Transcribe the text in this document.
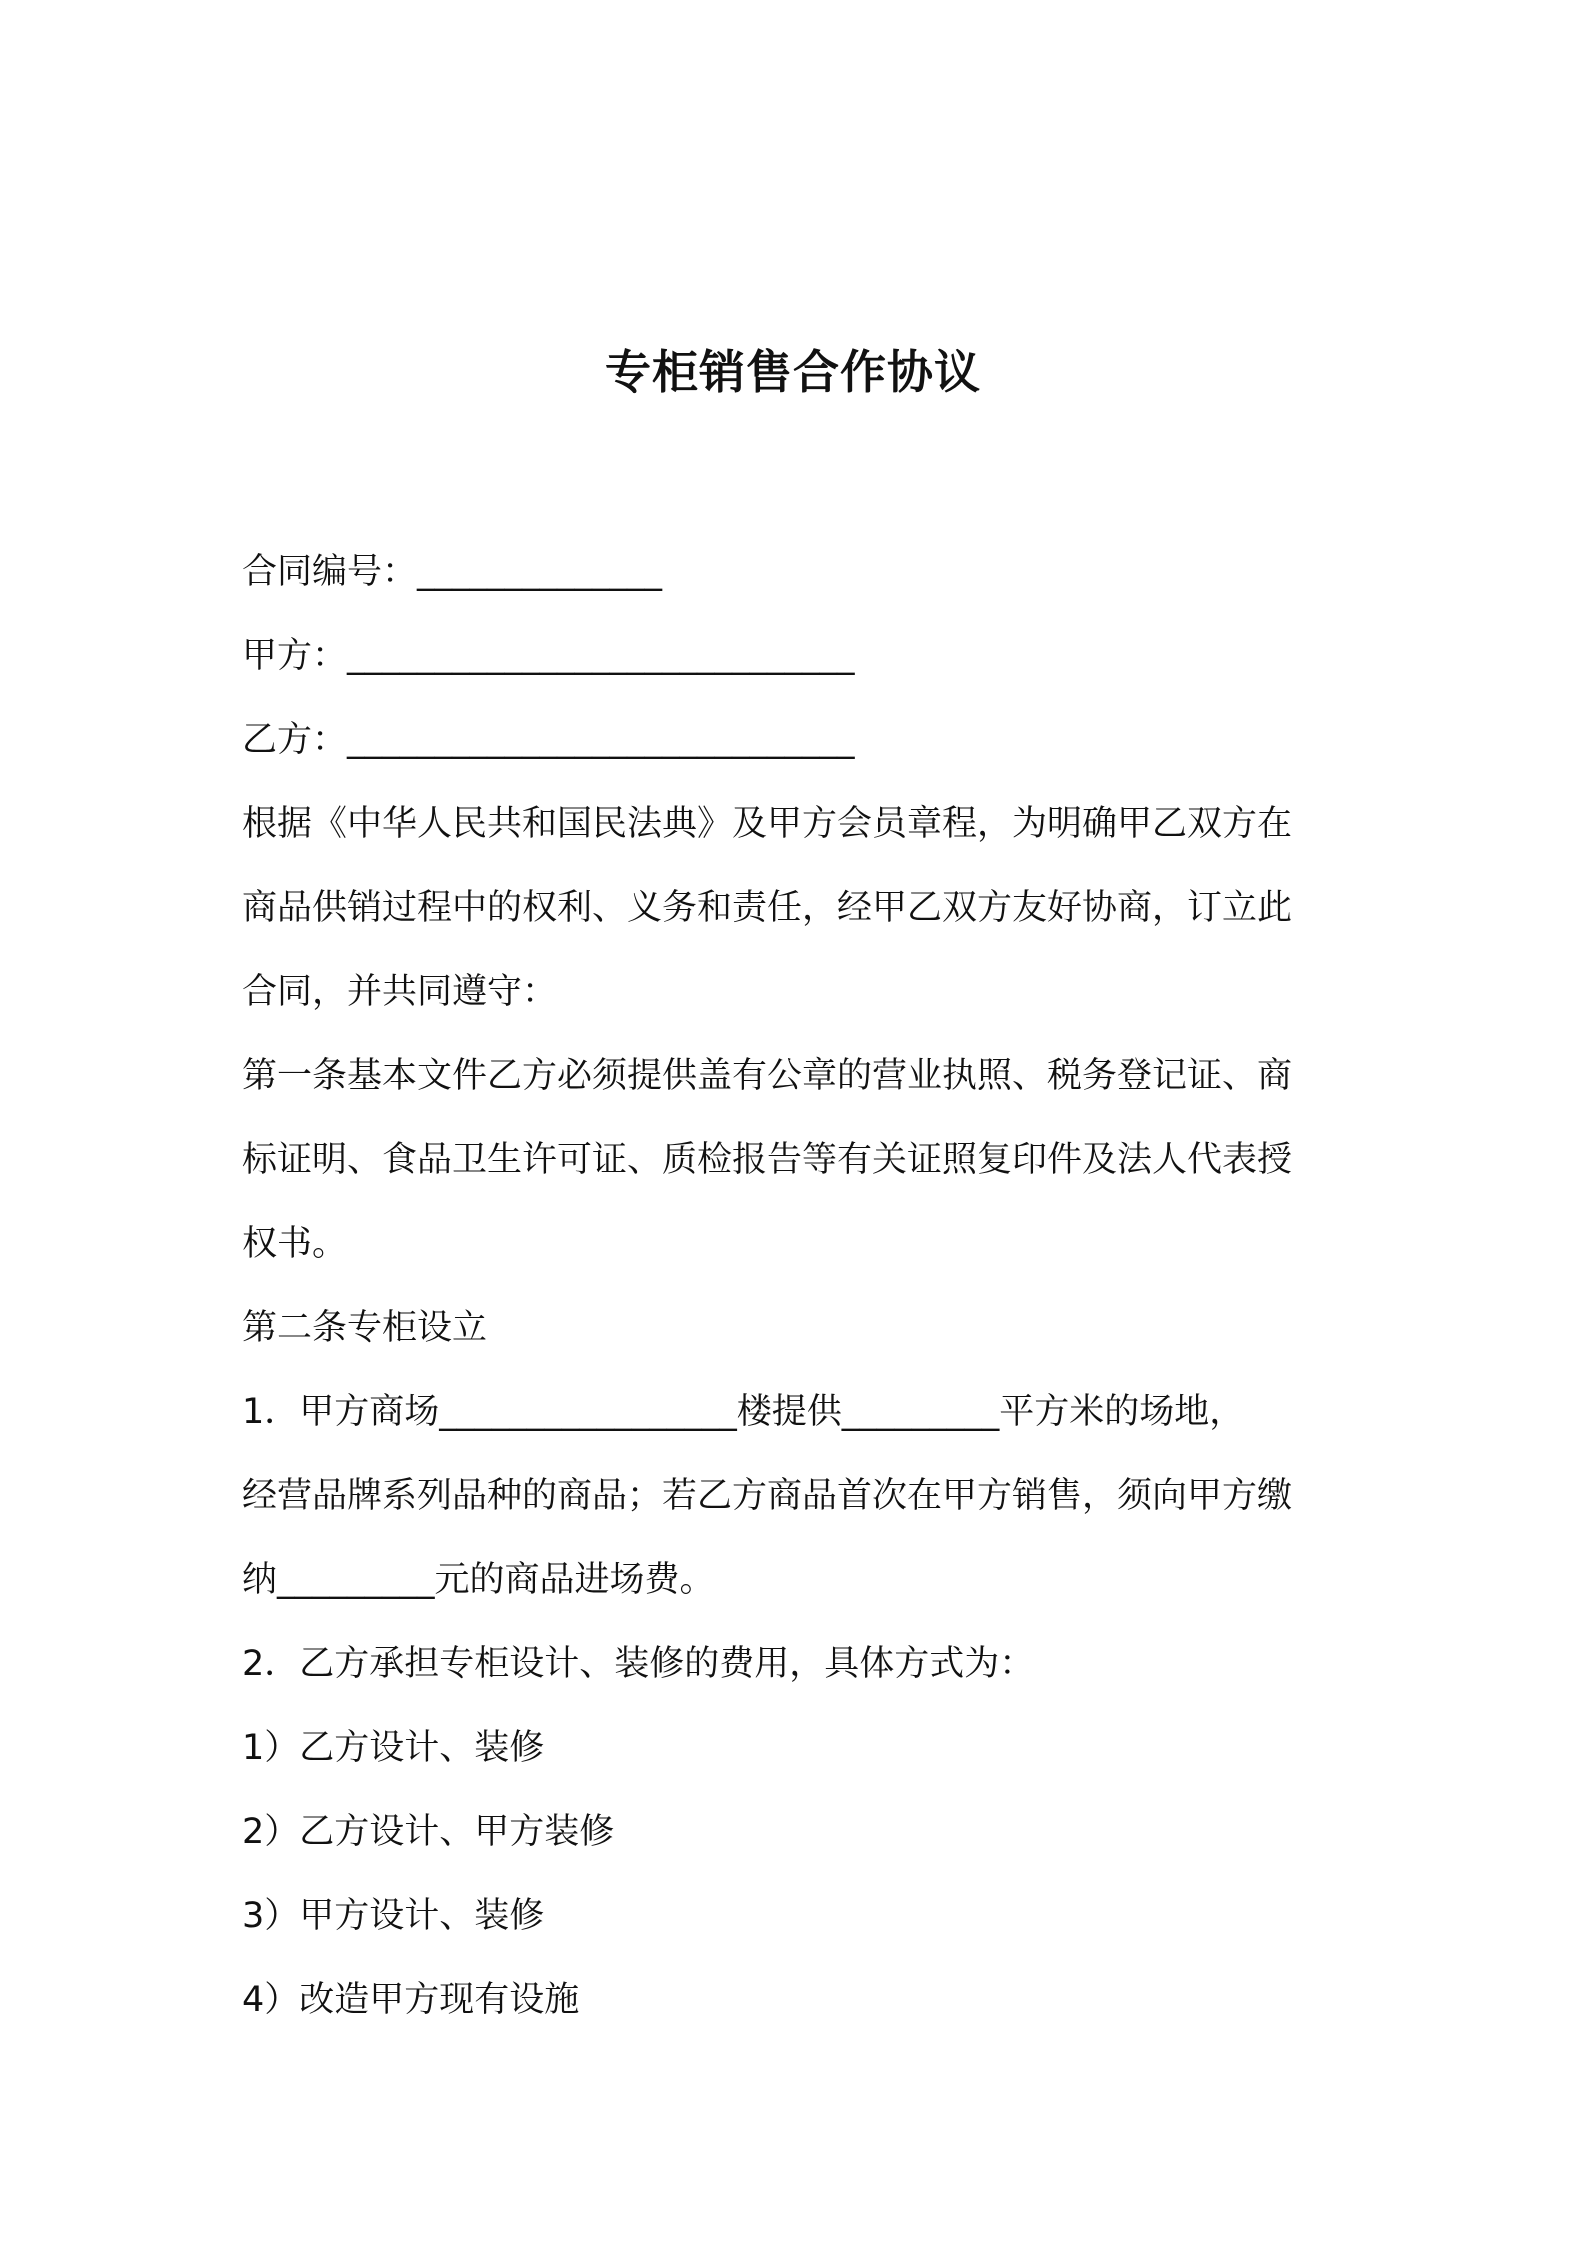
专柜销售合作协议

合同编号：______________

甲方：_____________________________

乙方：_____________________________

根据《中华人民共和国民法典》及甲方会员章程，为明确甲乙双方在

商品供销过程中的权利、义务和责任，经甲乙双方友好协商，订立此

合同，并共同遵守：

第一条基本文件乙方必须提供盖有公章的营业执照、税务登记证、商

标证明、食品卫生许可证、质检报告等有关证照复印件及法人代表授

权书。

第二条专柜设立

1．甲方商场_________________楼提供_________平方米的场地，

经营品牌系列品种的商品；若乙方商品首次在甲方销售，须向甲方缴

纳_________元的商品进场费。

2．乙方承担专柜设计、装修的费用，具体方式为：

1）乙方设计、装修

2）乙方设计、甲方装修

3）甲方设计、装修

4）改造甲方现有设施
